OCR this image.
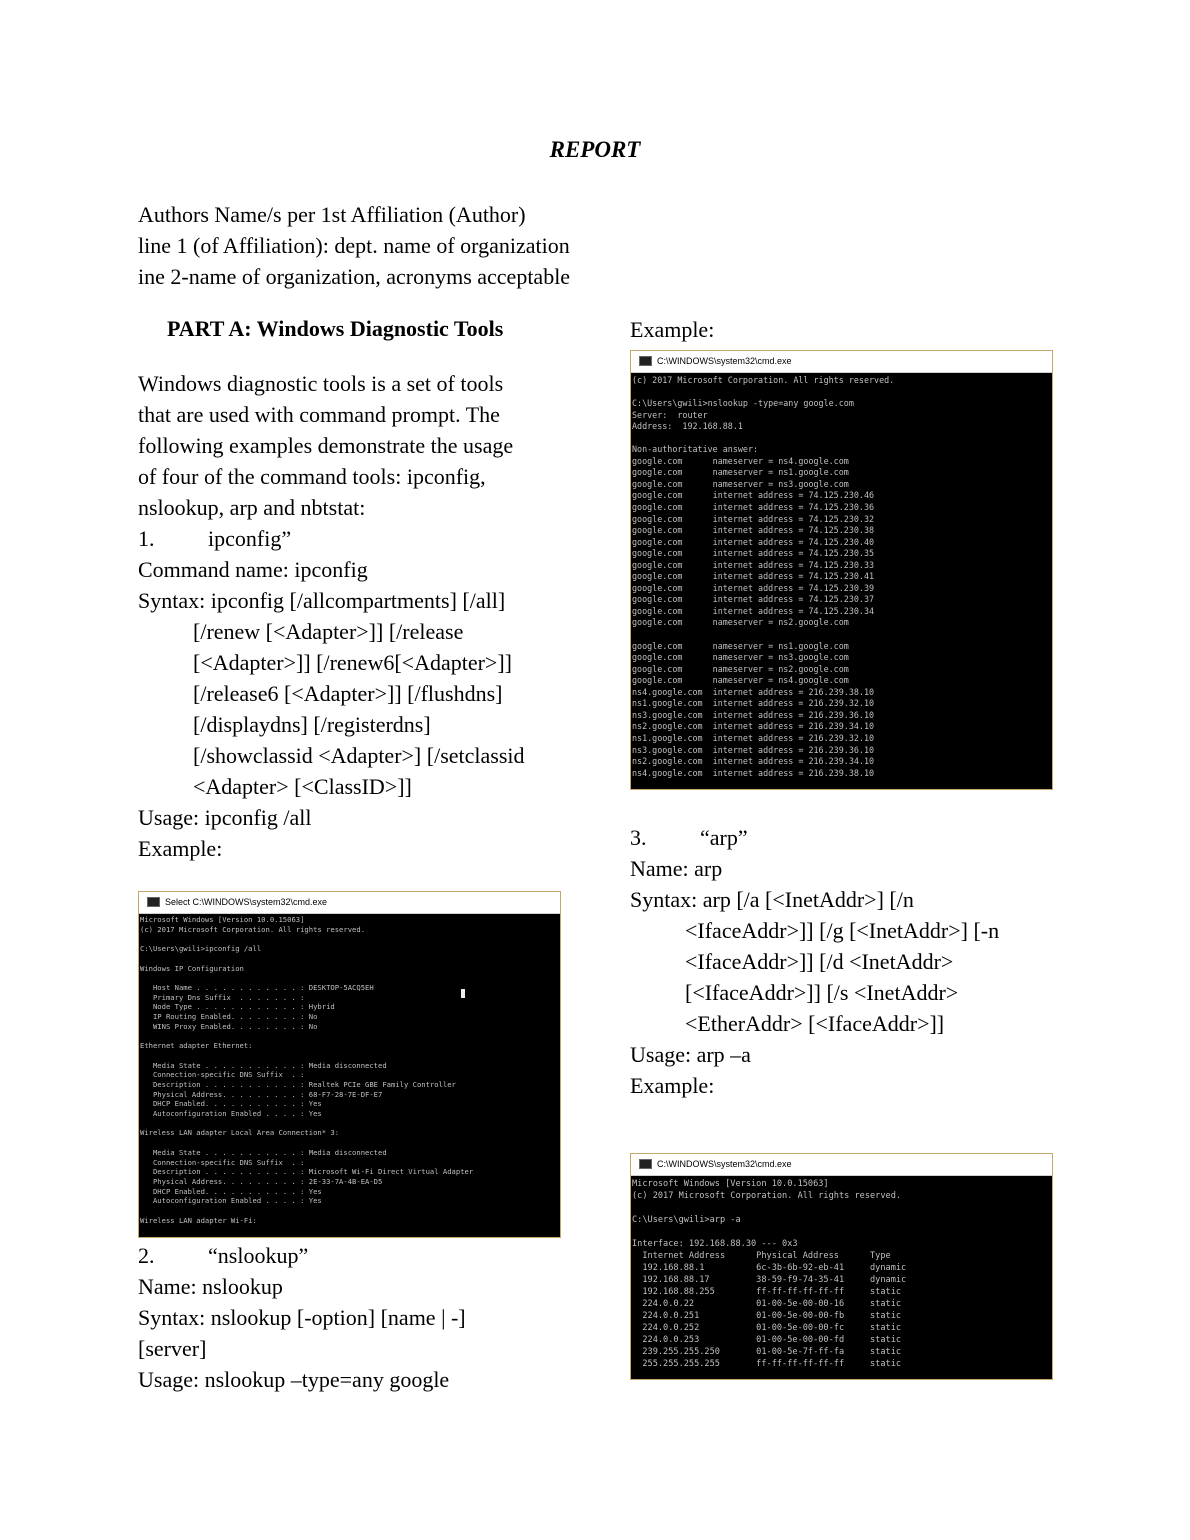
REPORT
Authors Name/s per 1st Affiliation (Author)
line 1 (of Affiliation): dept. name of organization
ine 2-name of organization, acronyms acceptable
PART A: Windows Diagnostic Tools
Windows diagnostic tools is a set of tools
that are used with command prompt. The
following examples demonstrate the usage
of four of the command tools: ipconfig,
nslookup, arp and nbtstat:
1. ipconfig”
Command name: ipconfig
Syntax: ipconfig [/allcompartments] [/all]
[/renew [<Adapter>]] [/release
[<Adapter>]] [/renew6[<Adapter>]]
[/release6 [<Adapter>]] [/flushdns]
[/displaydns] [/registerdns]
[/showclassid <Adapter>] [/setclassid
<Adapter> [<ClassID>]]
Usage: ipconfig /all
Example:
Select C:\WINDOWS\system32\cmd.exe
Microsoft Windows [Version 10.0.15063]
(c) 2017 Microsoft Corporation. All rights reserved.

C:\Users\gwili>ipconfig /all

Windows IP Configuration

Host Name . . . . . . . . . . . . : DESKTOP-5ACQ5EH
Primary Dns Suffix  . . . . . . . :
Node Type . . . . . . . . . . . . : Hybrid
IP Routing Enabled. . . . . . . . : No
WINS Proxy Enabled. . . . . . . . : No

Ethernet adapter Ethernet:

Media State . . . . . . . . . . . : Media disconnected
Connection-specific DNS Suffix  . :
Description . . . . . . . . . . . : Realtek PCIe GBE Family Controller
Physical Address. . . . . . . . . : 68-F7-28-7E-DF-E7
DHCP Enabled. . . . . . . . . . . : Yes
Autoconfiguration Enabled . . . . : Yes

Wireless LAN adapter Local Area Connection* 3:

Media State . . . . . . . . . . . : Media disconnected
Connection-specific DNS Suffix  . :
Description . . . . . . . . . . . : Microsoft Wi-Fi Direct Virtual Adapter
Physical Address. . . . . . . . . : 2E-33-7A-4B-EA-D5
DHCP Enabled. . . . . . . . . . . : Yes
Autoconfiguration Enabled . . . . : Yes

Wireless LAN adapter Wi-Fi:
2. “nslookup”
Name: nslookup
Syntax: nslookup [-option] [name | -]
[server]
Usage: nslookup –type=any google
Example:
C:\WINDOWS\system32\cmd.exe
(c) 2017 Microsoft Corporation. All rights reserved.

C:\Users\gwili>nslookup -type=any google.com
Server:  router
Address:  192.168.88.1

Non-authoritative answer:
google.com      nameserver = ns4.google.com
google.com      nameserver = ns1.google.com
google.com      nameserver = ns3.google.com
google.com      internet address = 74.125.230.46
google.com      internet address = 74.125.230.36
google.com      internet address = 74.125.230.32
google.com      internet address = 74.125.230.38
google.com      internet address = 74.125.230.40
google.com      internet address = 74.125.230.35
google.com      internet address = 74.125.230.33
google.com      internet address = 74.125.230.41
google.com      internet address = 74.125.230.39
google.com      internet address = 74.125.230.37
google.com      internet address = 74.125.230.34
google.com      nameserver = ns2.google.com

google.com      nameserver = ns1.google.com
google.com      nameserver = ns3.google.com
google.com      nameserver = ns2.google.com
google.com      nameserver = ns4.google.com
ns4.google.com  internet address = 216.239.38.10
ns1.google.com  internet address = 216.239.32.10
ns3.google.com  internet address = 216.239.36.10
ns2.google.com  internet address = 216.239.34.10
ns1.google.com  internet address = 216.239.32.10
ns3.google.com  internet address = 216.239.36.10
ns2.google.com  internet address = 216.239.34.10
ns4.google.com  internet address = 216.239.38.10
3. “arp”
Name: arp
Syntax: arp [/a [<InetAddr>] [/n
<IfaceAddr>]] [/g [<InetAddr>] [-n
<IfaceAddr>]] [/d <InetAddr>
[<IfaceAddr>]] [/s <InetAddr>
<EtherAddr> [<IfaceAddr>]]
Usage: arp –a
Example:
C:\WINDOWS\system32\cmd.exe
Microsoft Windows [Version 10.0.15063]
(c) 2017 Microsoft Corporation. All rights reserved.

C:\Users\gwili>arp -a

Interface: 192.168.88.30 --- 0x3
Internet Address      Physical Address      Type
192.168.88.1          6c-3b-6b-92-eb-41     dynamic
192.168.88.17         38-59-f9-74-35-41     dynamic
192.168.88.255        ff-ff-ff-ff-ff-ff     static
224.0.0.22            01-00-5e-00-00-16     static
224.0.0.251           01-00-5e-00-00-fb     static
224.0.0.252           01-00-5e-00-00-fc     static
224.0.0.253           01-00-5e-00-00-fd     static
239.255.255.250       01-00-5e-7f-ff-fa     static
255.255.255.255       ff-ff-ff-ff-ff-ff     static
